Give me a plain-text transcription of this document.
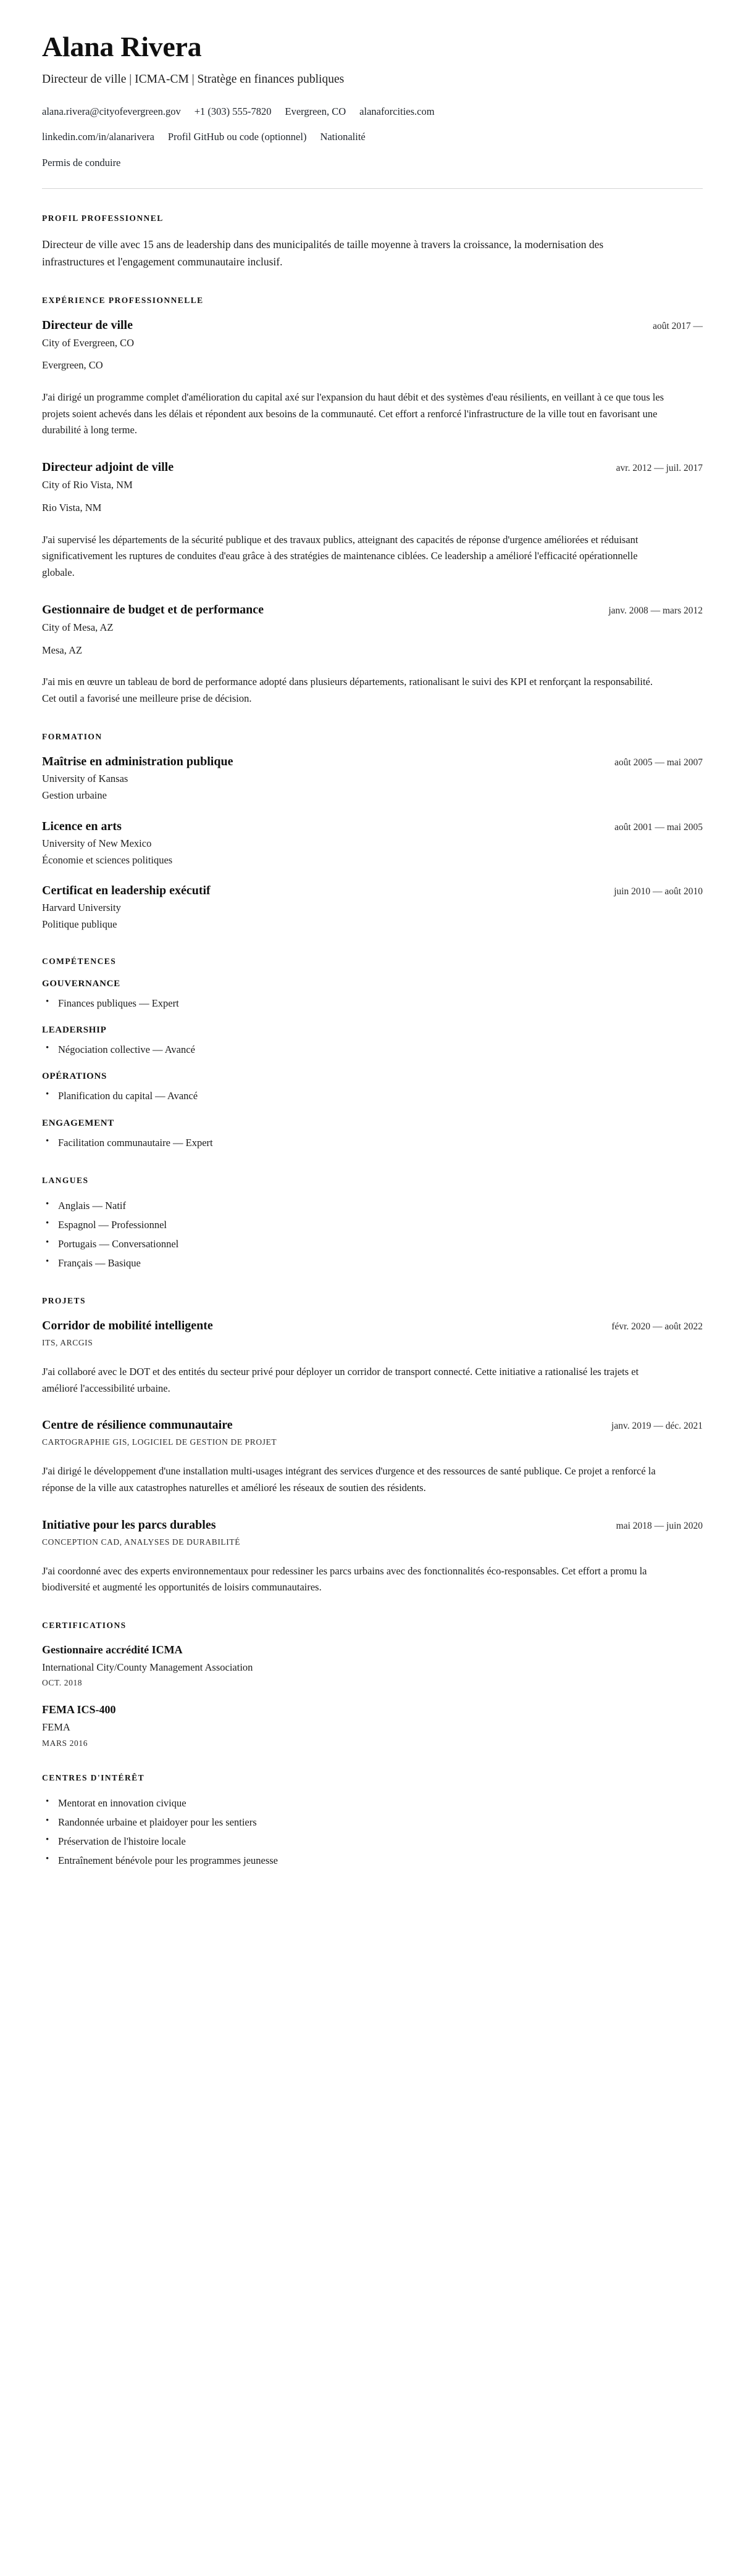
Alana Rivera
Directeur de ville | ICMA-CM | Stratège en finances publiques
alana.rivera@cityofevergreen.gov +1 (303) 555-7820 Evergreen, CO alanaforcities.com
linkedin.com/in/alanarivera Profil GitHub ou code (optionnel) Nationalité
Permis de conduire
PROFIL PROFESSIONNEL

Directeur de ville avec 15 ans de leadership dans des municipalités de taille moyenne à travers la croissance, la modernisation des infrastructures et l'engagement communautaire inclusif.

EXPÉRIENCE PROFESSIONNELLE
Directeur de ville	août 2017 —
City of Evergreen, CO
Evergreen, CO

J'ai dirigé un programme complet d'amélioration du capital axé sur l'expansion du haut débit et des systèmes d'eau résilients, en veillant à ce que tous les projets soient achevés dans les délais et répondent aux besoins de la communauté. Cet effort a renforcé l'infrastructure de la ville tout en favorisant une durabilité à long terme.

Directeur adjoint de ville	avr. 2012 — juil. 2017
City of Rio Vista, NM
Rio Vista, NM

J'ai supervisé les départements de la sécurité publique et des travaux publics, atteignant des capacités de réponse d'urgence améliorées et réduisant significativement les ruptures de conduites d'eau grâce à des stratégies de maintenance ciblées. Ce leadership a amélioré l'efficacité opérationnelle globale.

Gestionnaire de budget et de performance	janv. 2008 — mars 2012
City of Mesa, AZ
Mesa, AZ

J'ai mis en œuvre un tableau de bord de performance adopté dans plusieurs départements, rationalisant le suivi des KPI et renforçant la responsabilité. Cet outil a favorisé une meilleure prise de décision.

FORMATION
Maîtrise en administration publique	août 2005 — mai 2007
University of Kansas
Gestion urbaine
Licence en arts	août 2001 — mai 2005
University of New Mexico
Économie et sciences politiques
Certificat en leadership exécutif	juin 2010 — août 2010
Harvard University
Politique publique
COMPÉTENCES
GOUVERNANCE
• Finances publiques — Expert
LEADERSHIP
• Négociation collective — Avancé
OPÉRATIONS
• Planification du capital — Avancé
ENGAGEMENT
• Facilitation communautaire — Expert
LANGUES
• Anglais — Natif
• Espagnol — Professionnel
• Portugais — Conversationnel
• Français — Basique
PROJETS
Corridor de mobilité intelligente	févr. 2020 — août 2022
ITS, ARCGIS

J'ai collaboré avec le DOT et des entités du secteur privé pour déployer un corridor de transport connecté. Cette initiative a rationalisé les trajets et amélioré l'accessibilité urbaine.

Centre de résilience communautaire	janv. 2019 — déc. 2021
CARTOGRAPHIE GIS, LOGICIEL DE GESTION DE PROJET

J'ai dirigé le développement d'une installation multi-usages intégrant des services d'urgence et des ressources de santé publique. Ce projet a renforcé la réponse de la ville aux catastrophes naturelles et amélioré les réseaux de soutien des résidents.

Initiative pour les parcs durables	mai 2018 — juin 2020
CONCEPTION CAD, ANALYSES DE DURABILITÉ

J'ai coordonné avec des experts environnementaux pour redessiner les parcs urbains avec des fonctionnalités éco-responsables. Cet effort a promu la biodiversité et augmenté les opportunités de loisirs communautaires.

CERTIFICATIONS
Gestionnaire accrédité ICMA
International City/County Management Association
OCT. 2018
FEMA ICS-400
FEMA
MARS 2016
CENTRES D'INTÉRÊT
• Mentorat en innovation civique
• Randonnée urbaine et plaidoyer pour les sentiers
• Préservation de l'histoire locale
• Entraînement bénévole pour les programmes jeunesse
